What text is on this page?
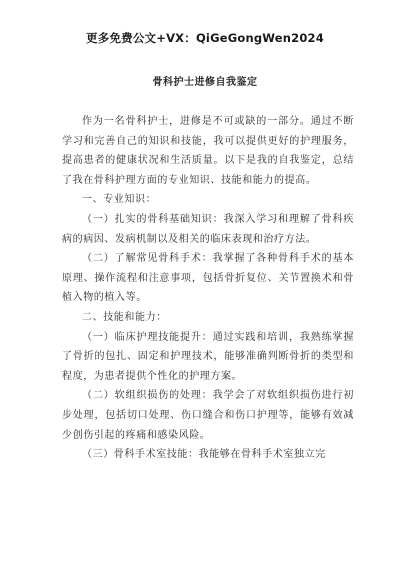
更多免费公文+VX：QiGeGongWen2024
骨科护士进修自我鉴定

作为一名骨科护士，进修是不可或缺的一部分。通过不断学习和完善自己的知识和技能，我可以提供更好的护理服务，提高患者的健康状况和生活质量。以下是我的自我鉴定，总结了我在骨科护理方面的专业知识、技能和能力的提高。

一、专业知识：

（一）扎实的骨科基础知识：我深入学习和理解了骨科疾病的病因、发病机制以及相关的临床表现和治疗方法。

（二）了解常见骨科手术：我掌握了各种骨科手术的基本原理、操作流程和注意事项，包括骨折复位、关节置换术和骨植入物的植入等。

二、技能和能力：

（一）临床护理技能提升：通过实践和培训，我熟练掌握了骨折的包扎、固定和护理技术，能够准确判断骨折的类型和程度，为患者提供个性化的护理方案。

（二）软组织损伤的处理：我学会了对软组织损伤进行初步处理，包括切口处理、伤口缝合和伤口护理等，能够有效减少创伤引起的疼痛和感染风险。

（三）骨科手术室技能：我能够在骨科手术室独立完
